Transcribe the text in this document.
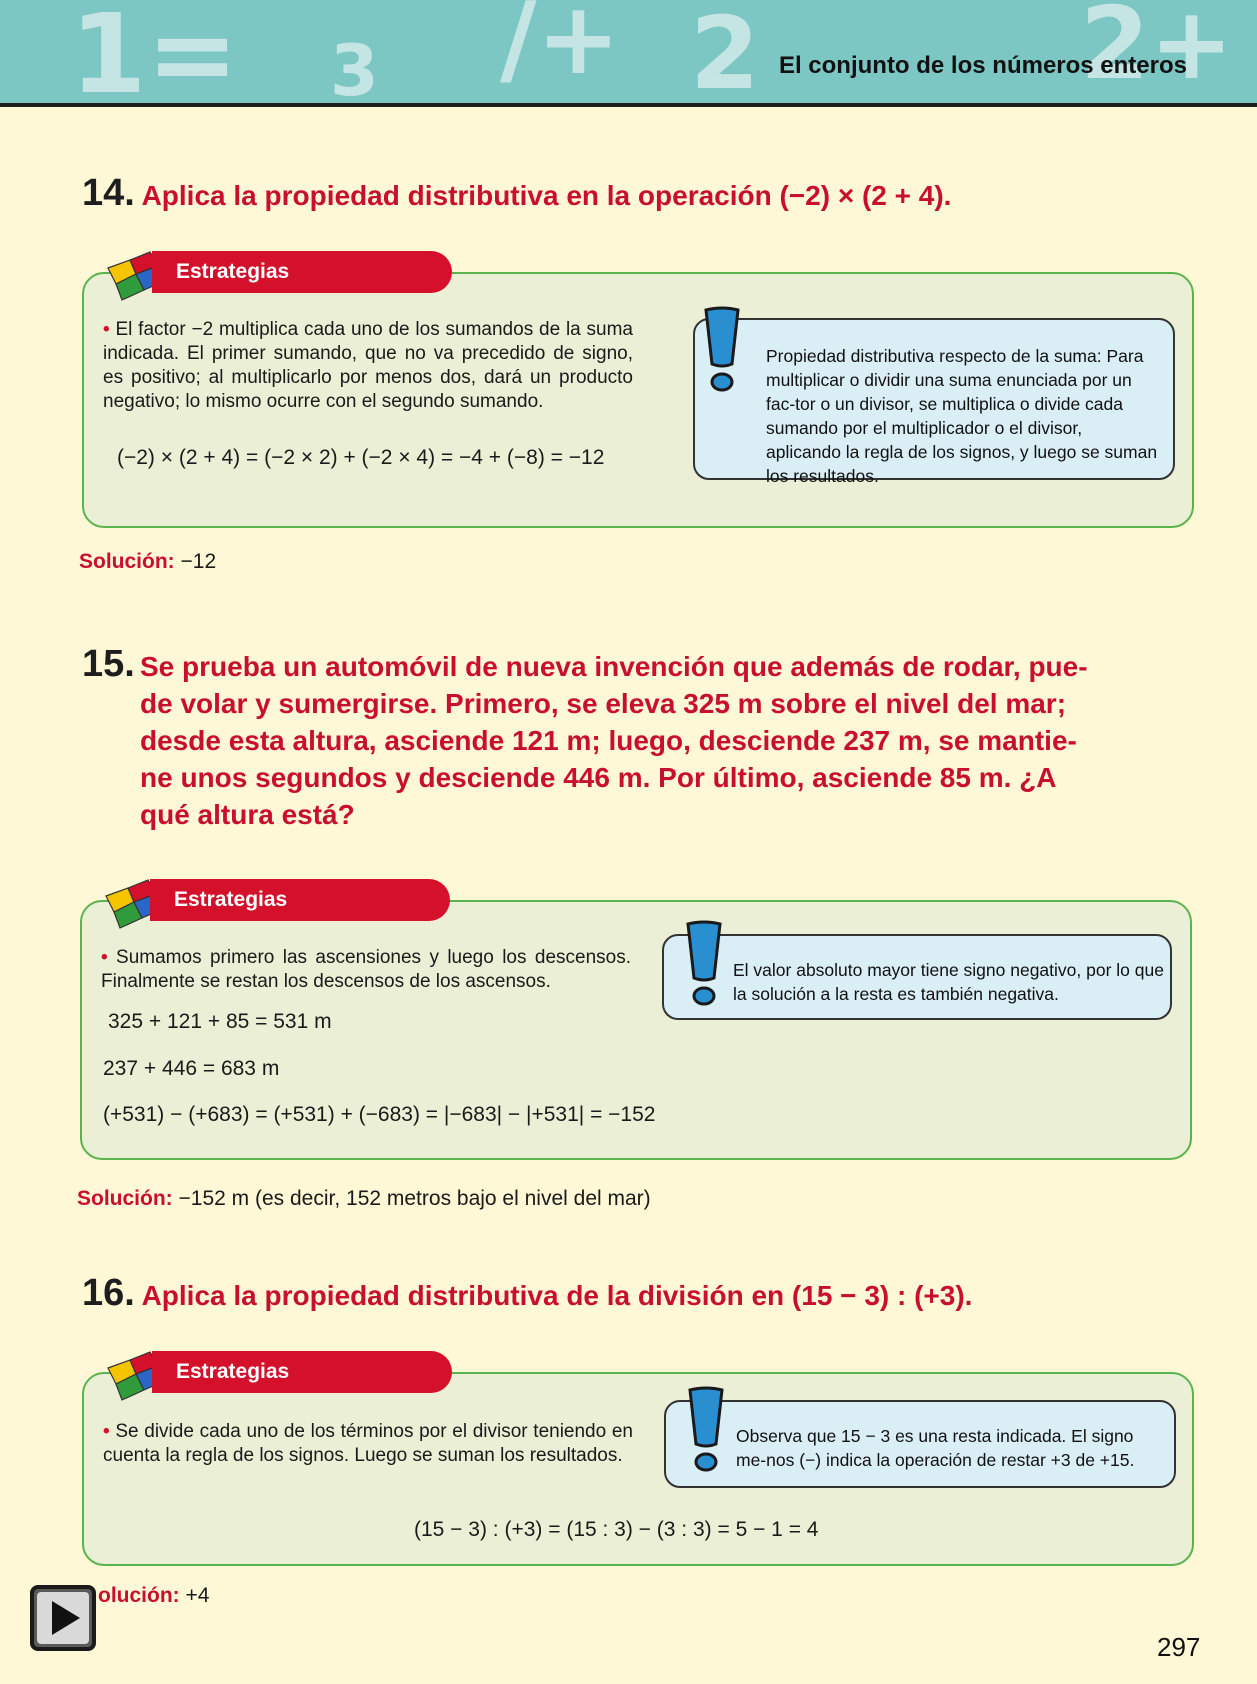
1= 3 /+ 2	2+
El conjunto de los números enteros
14. Aplica la propiedad distributiva en la operación (−2) × (2 + 4).
Estrategias
• El factor −2 multiplica cada uno de los sumandos de la suma indicada. El primer sumando, que no va precedido de signo, es positivo; al multiplicarlo por menos dos, dará un producto negativo; lo mismo ocurre con el segundo sumando.
(−2) × (2 + 4) = (−2 × 2) + (−2 × 4) = −4 + (−8) = −12
Propiedad distributiva respecto de la suma: Para multiplicar o dividir una suma enunciada por un fac-tor o un divisor, se multiplica o divide cada sumando por el multiplicador o el divisor, aplicando la regla de los signos, y luego se suman los resultados.
Solución: −12
15. Se prueba un automóvil de nueva invención que además de rodar, pue-
de volar y sumergirse. Primero, se eleva 325 m sobre el nivel del mar;
desde esta altura, asciende 121 m; luego, desciende 237 m, se mantie-
ne unos segundos y desciende 446 m. Por último, asciende 85 m. ¿A
qué altura está?
Estrategias
• Sumamos primero las ascensiones y luego los descensos. Finalmente se restan los descensos de los ascensos.
325 + 121 + 85 = 531 m
237 + 446 = 683 m
(+531) − (+683) = (+531) + (−683) = |−683| − |+531| = −152
El valor absoluto mayor tiene signo negativo, por lo que la solución a la resta es también negativa.
Solución: −152 m (es decir, 152 metros bajo el nivel del mar)
16. Aplica la propiedad distributiva de la división en (15 − 3) : (+3).
Estrategias
• Se divide cada uno de los términos por el divisor teniendo en cuenta la regla de los signos. Luego se suman los resultados.
Observa que 15 − 3 es una resta indicada. El signo me-nos (−) indica la operación de restar +3 de +15.
(15 − 3) : (+3) = (15 : 3) − (3 : 3) = 5 − 1 = 4
olución: +4
297
